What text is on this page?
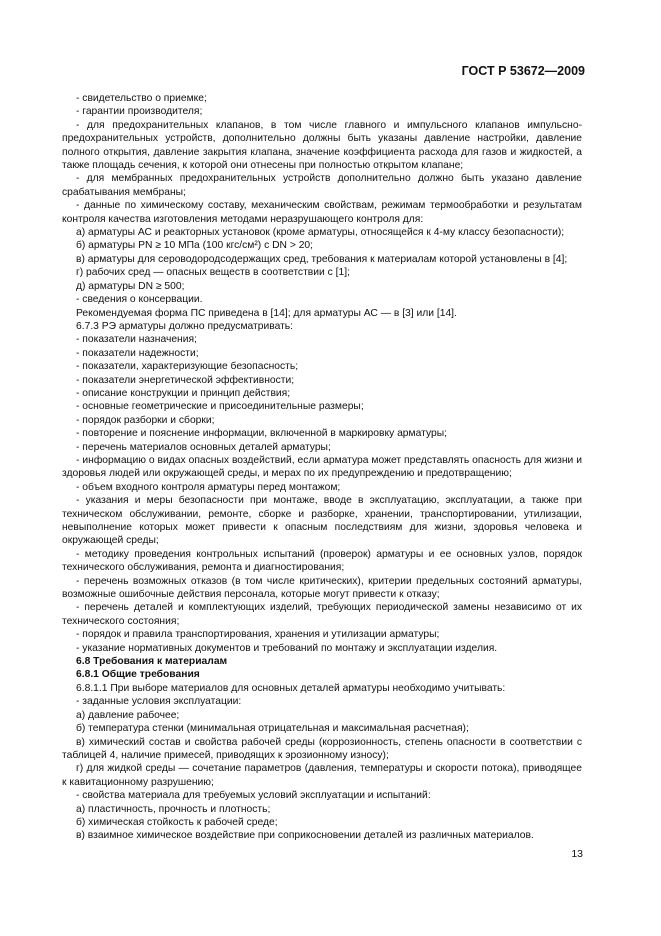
ГОСТ Р 53672—2009

- свидетельство о приемке;

- гарантии производителя;

- для предохранительных клапанов, в том числе главного и импульсного клапанов импульсно-предохранительных устройств, дополнительно должны быть указаны давление настройки, давление полного открытия, давление закрытия клапана, значение коэффициента расхода для газов и жидкостей, а также площадь сечения, к которой они отнесены при полностью открытом клапане;

- для мембранных предохранительных устройств дополнительно должно быть указано давление срабатывания мембраны;

- данные по химическому составу, механическим свойствам, режимам термообработки и результатам контроля качества изготовления методами неразрушающего контроля для:

а) арматуры АС и реакторных установок (кроме арматуры, относящейся к 4-му классу безопасности);

б) арматуры PN ≥ 10 МПа (100 кгс/см²) с DN > 20;

в) арматуры для сероводородсодержащих сред, требования к материалам которой установлены в [4];

г) рабочих сред — опасных веществ в соответствии с [1];

д) арматуры DN ≥ 500;

- сведения о консервации.

Рекомендуемая форма ПС приведена в [14]; для арматуры АС — в [3] или [14].

6.7.3 РЭ арматуры должно предусматривать:

- показатели назначения;

- показатели надежности;

- показатели, характеризующие безопасность;

- показатели энергетической эффективности;

- описание конструкции и принцип действия;

- основные геометрические и присоединительные размеры;

- порядок разборки и сборки;

- повторение и пояснение информации, включенной в маркировку арматуры;

- перечень материалов основных деталей арматуры;

- информацию о видах опасных воздействий, если арматура может представлять опасность для жизни и здоровья людей или окружающей среды, и мерах по их предупреждению и предотвращению;

- объем входного контроля арматуры перед монтажом;

- указания и меры безопасности при монтаже, вводе в эксплуатацию, эксплуатации, а также при техническом обслуживании, ремонте, сборке и разборке, хранении, транспортировании, утилизации, невыполнение которых может привести к опасным последствиям для жизни, здоровья человека и окружающей среды;

- методику проведения контрольных испытаний (проверок) арматуры и ее основных узлов, порядок технического обслуживания, ремонта и диагностирования;

- перечень возможных отказов (в том числе критических), критерии предельных состояний арматуры, возможные ошибочные действия персонала, которые могут привести к отказу;

- перечень деталей и комплектующих изделий, требующих периодической замены независимо от их технического состояния;

- порядок и правила транспортирования, хранения и утилизации арматуры;

- указание нормативных документов и требований по монтажу и эксплуатации изделия.

6.8 Требования к материалам

6.8.1 Общие требования

6.8.1.1 При выборе материалов для основных деталей арматуры необходимо учитывать:

- заданные условия эксплуатации:

а) давление рабочее;

б) температура стенки (минимальная отрицательная и максимальная расчетная);

в) химический состав и свойства рабочей среды (коррозионность, степень опасности в соответствии с таблицей 4, наличие примесей, приводящих к эрозионному износу);

г) для жидкой среды — сочетание параметров (давления, температуры и скорости потока), приводящее к кавитационному разрушению;

- свойства материала для требуемых условий эксплуатации и испытаний:

а) пластичность, прочность и плотность;

б) химическая стойкость к рабочей среде;

в) взаимное химическое воздействие при соприкосновении деталей из различных материалов.

13
